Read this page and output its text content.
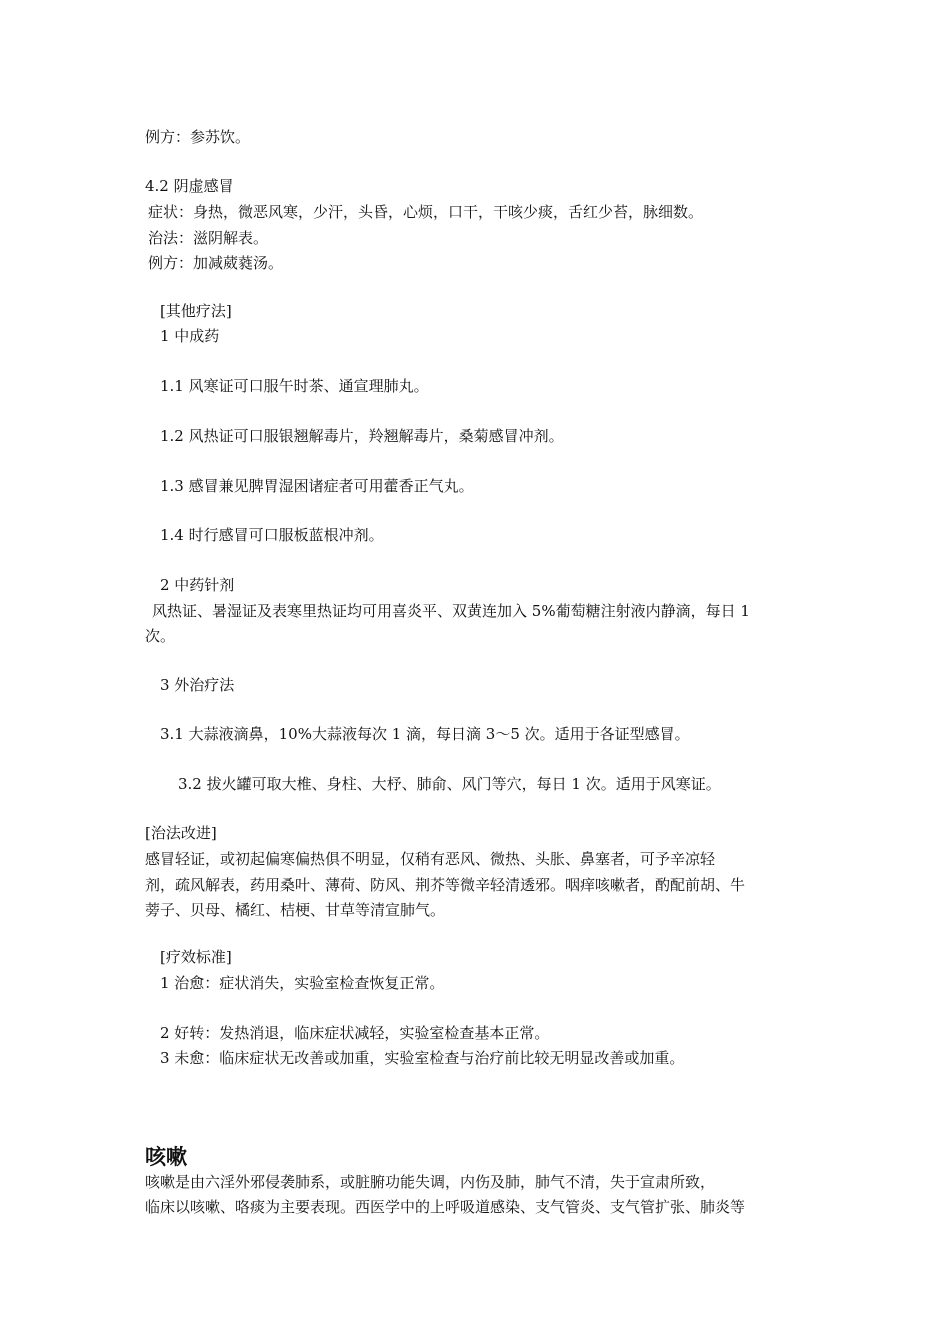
例方：参苏饮。
4.2 阴虚感冒
症状：身热，微恶风寒，少汗，头昏，心烦，口干，干咳少痰，舌红少苔，脉细数。
治法：滋阴解表。
例方：加减葳蕤汤。
[其他疗法]
1 中成药
1.1 风寒证可口服午时茶、通宣理肺丸。
1.2 风热证可口服银翘解毒片，羚翘解毒片，桑菊感冒冲剂。
1.3 感冒兼见脾胃湿困诸症者可用藿香正气丸。
1.4 时行感冒可口服板蓝根冲剂。
2 中药针剂
风热证、暑湿证及表寒里热证均可用喜炎平、双黄连加入 5%葡萄糖注射液内静滴，每日 1
次。
3 外治疗法
3.1 大蒜液滴鼻，10%大蒜液每次 1 滴，每日滴 3～5 次。适用于各证型感冒。
3.2 拔火罐可取大椎、身柱、大杼、肺俞、风门等穴，每日 1 次。适用于风寒证。
[治法改进]
感冒轻证，或初起偏寒偏热俱不明显，仅稍有恶风、微热、头胀、鼻塞者，可予辛凉轻
剂，疏风解表，药用桑叶、薄荷、防风、荆芥等微辛轻清透邪。咽痒咳嗽者，酌配前胡、牛
蒡子、贝母、橘红、桔梗、甘草等清宣肺气。
[疗效标准]
1 治愈：症状消失，实验室检查恢复正常。
2 好转：发热消退，临床症状减轻，实验室检查基本正常。
3 未愈：临床症状无改善或加重，实验室检查与治疗前比较无明显改善或加重。
咳嗽
咳嗽是由六淫外邪侵袭肺系，或脏腑功能失调，内伤及肺，肺气不清，失于宣肃所致，
临床以咳嗽、咯痰为主要表现。西医学中的上呼吸道感染、支气管炎、支气管扩张、肺炎等
